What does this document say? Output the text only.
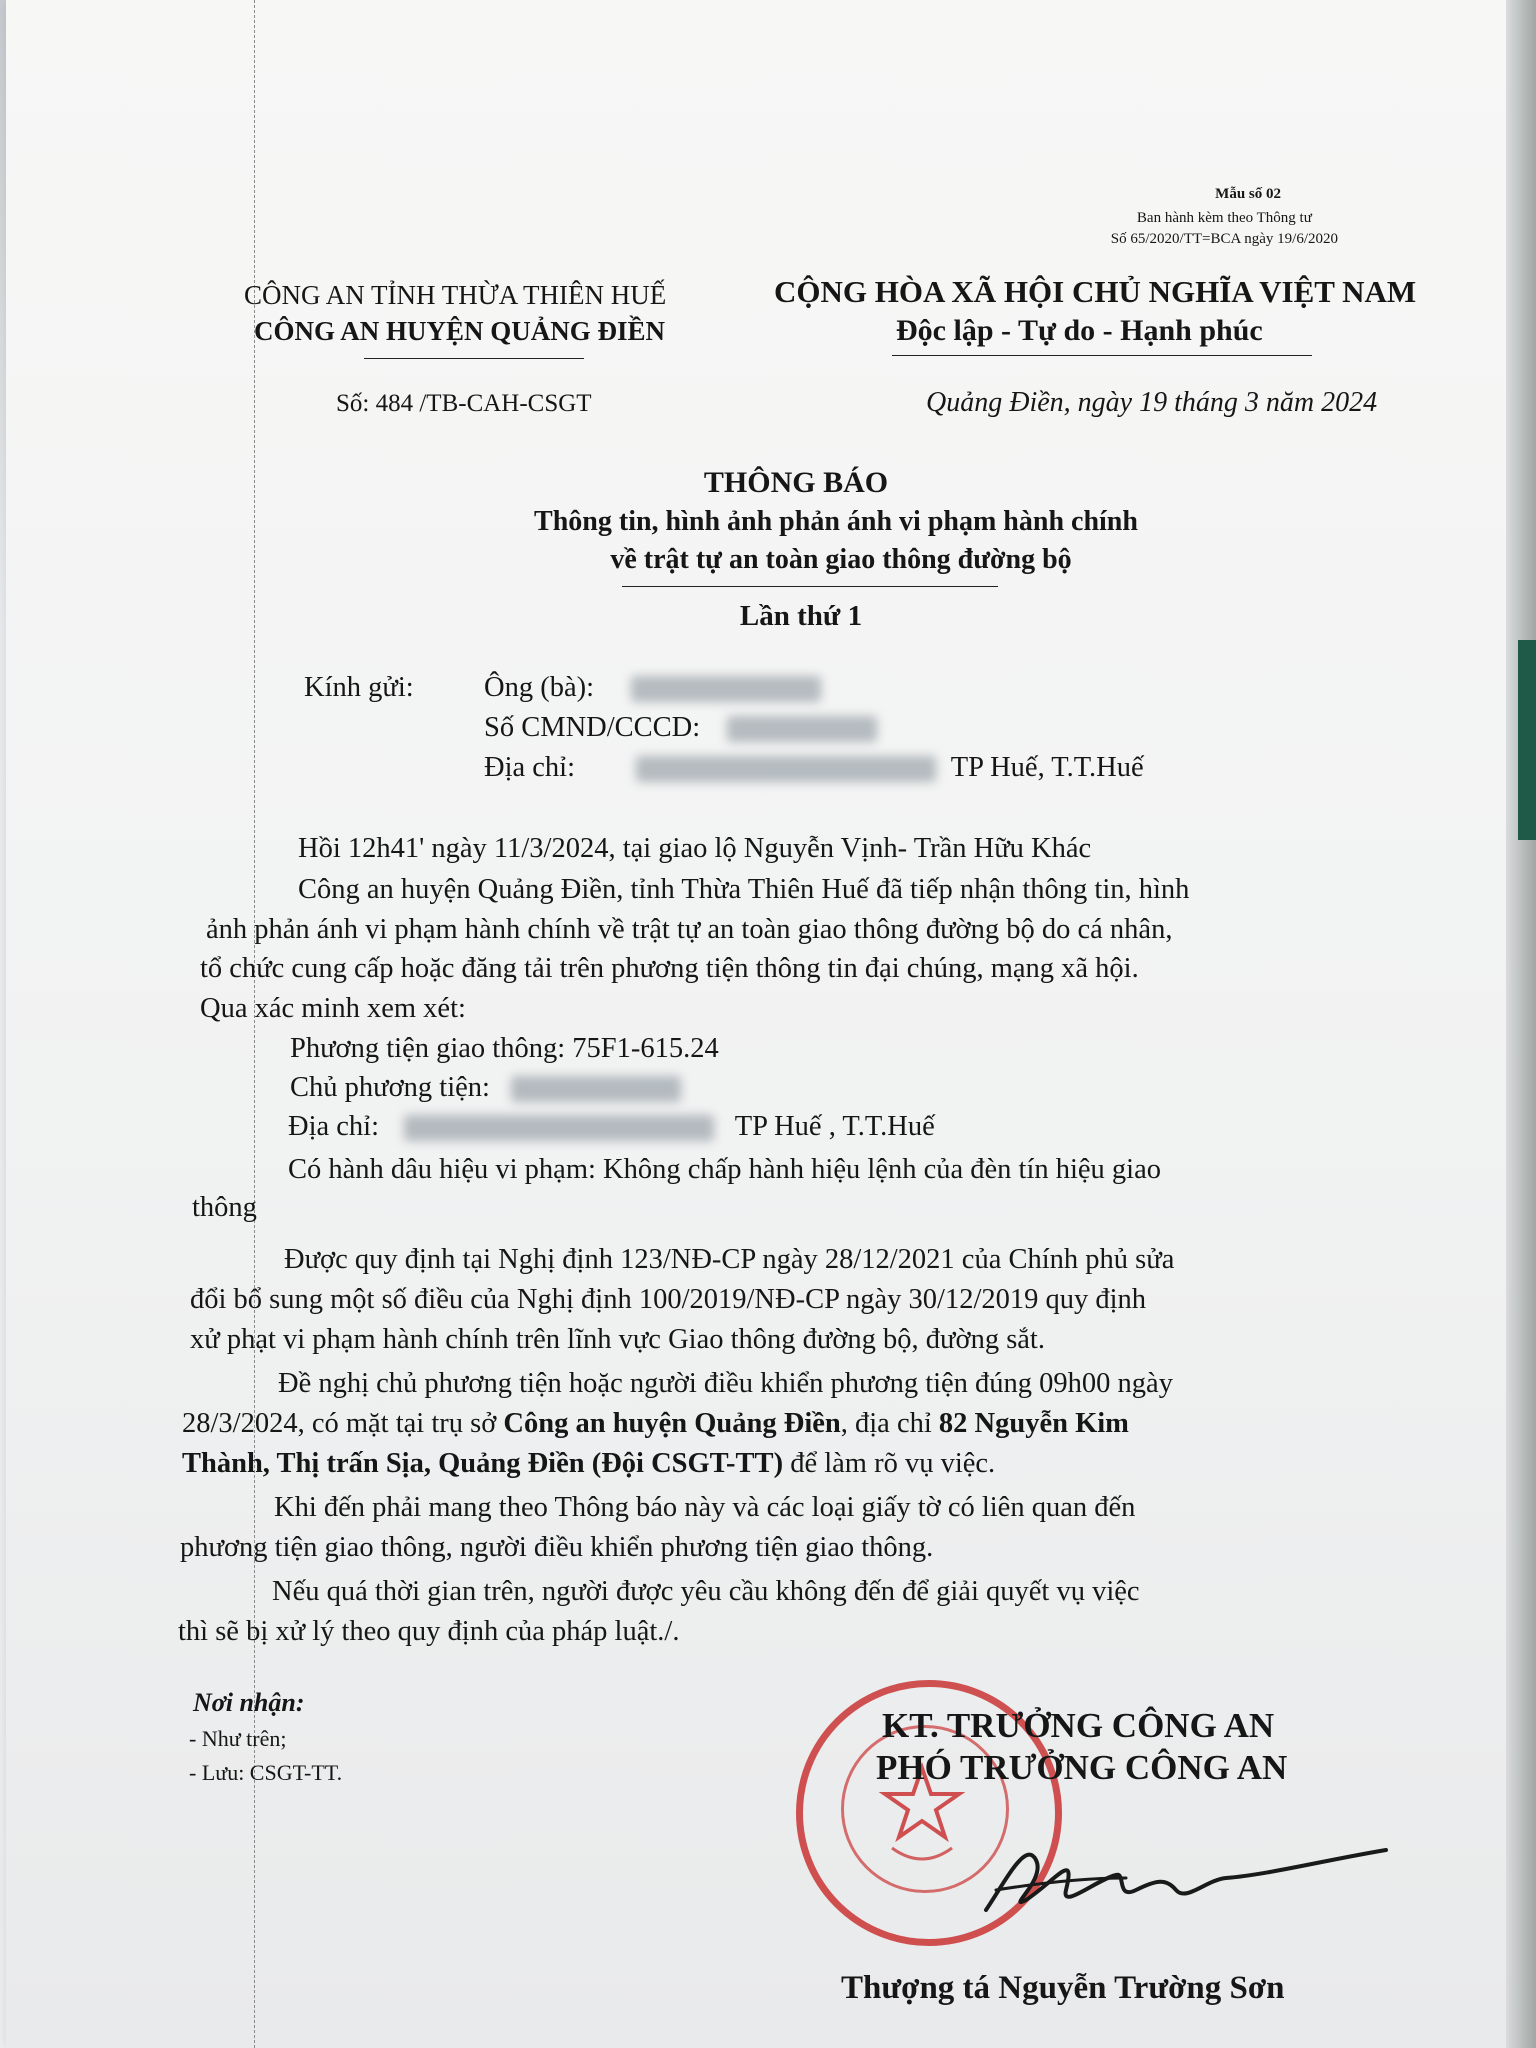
Mẫu số 02
Ban hành kèm theo Thông tư
Số 65/2020/TT=BCA ngày 19/6/2020
CÔNG AN TỈNH THỪA THIÊN HUẾ
CÔNG AN HUYỆN QUẢNG ĐIỀN
CỘNG HÒA XÃ HỘI CHỦ NGHĨA VIỆT NAM
Độc lập - Tự do - Hạnh phúc
Số: 484 /TB-CAH-CSGT	Quảng Điền, ngày 19 tháng 3 năm 2024
THÔNG BÁO
Thông tin, hình ảnh phản ánh vi phạm hành chính
về trật tự an toàn giao thông đường bộ
Lần thứ 1
Kính gửi: Ông (bà):
Số CMND/CCCD:
Địa chỉ:	TP Huế, T.T.Huế
Hồi 12h41' ngày 11/3/2024, tại giao lộ Nguyễn Vịnh- Trần Hữu Khác
Công an huyện Quảng Điền, tỉnh Thừa Thiên Huế đã tiếp nhận thông tin, hình
ảnh phản ánh vi phạm hành chính về trật tự an toàn giao thông đường bộ do cá nhân,
tổ chức cung cấp hoặc đăng tải trên phương tiện thông tin đại chúng, mạng xã hội.
Qua xác minh xem xét:
Phương tiện giao thông: 75F1-615.24
Chủ phương tiện:
Địa chỉ:	TP Huế , T.T.Huế
Có hành dâu hiệu vi phạm: Không chấp hành hiệu lệnh của đèn tín hiệu giao
thông
Được quy định tại Nghị định 123/NĐ-CP ngày 28/12/2021 của Chính phủ sửa
đổi bổ sung một số điều của Nghị định 100/2019/NĐ-CP ngày 30/12/2019 quy định
xử phạt vi phạm hành chính trên lĩnh vực Giao thông đường bộ, đường sắt.
Đề nghị chủ phương tiện hoặc người điều khiển phương tiện đúng 09h00 ngày
28/3/2024, có mặt tại trụ sở Công an huyện Quảng Điền, địa chỉ 82 Nguyễn Kim
Thành, Thị trấn Sịa, Quảng Điền (Đội CSGT-TT) để làm rõ vụ việc.
Khi đến phải mang theo Thông báo này và các loại giấy tờ có liên quan đến
phương tiện giao thông, người điều khiển phương tiện giao thông.
Nếu quá thời gian trên, người được yêu cầu không đến để giải quyết vụ việc
thì sẽ bị xử lý theo quy định của pháp luật./.
Nơi nhận:
- Như trên;
- Lưu: CSGT-TT.
KT. TRƯỞNG CÔNG AN
PHÓ TRƯỞNG CÔNG AN
Thượng tá Nguyễn Trường Sơn
